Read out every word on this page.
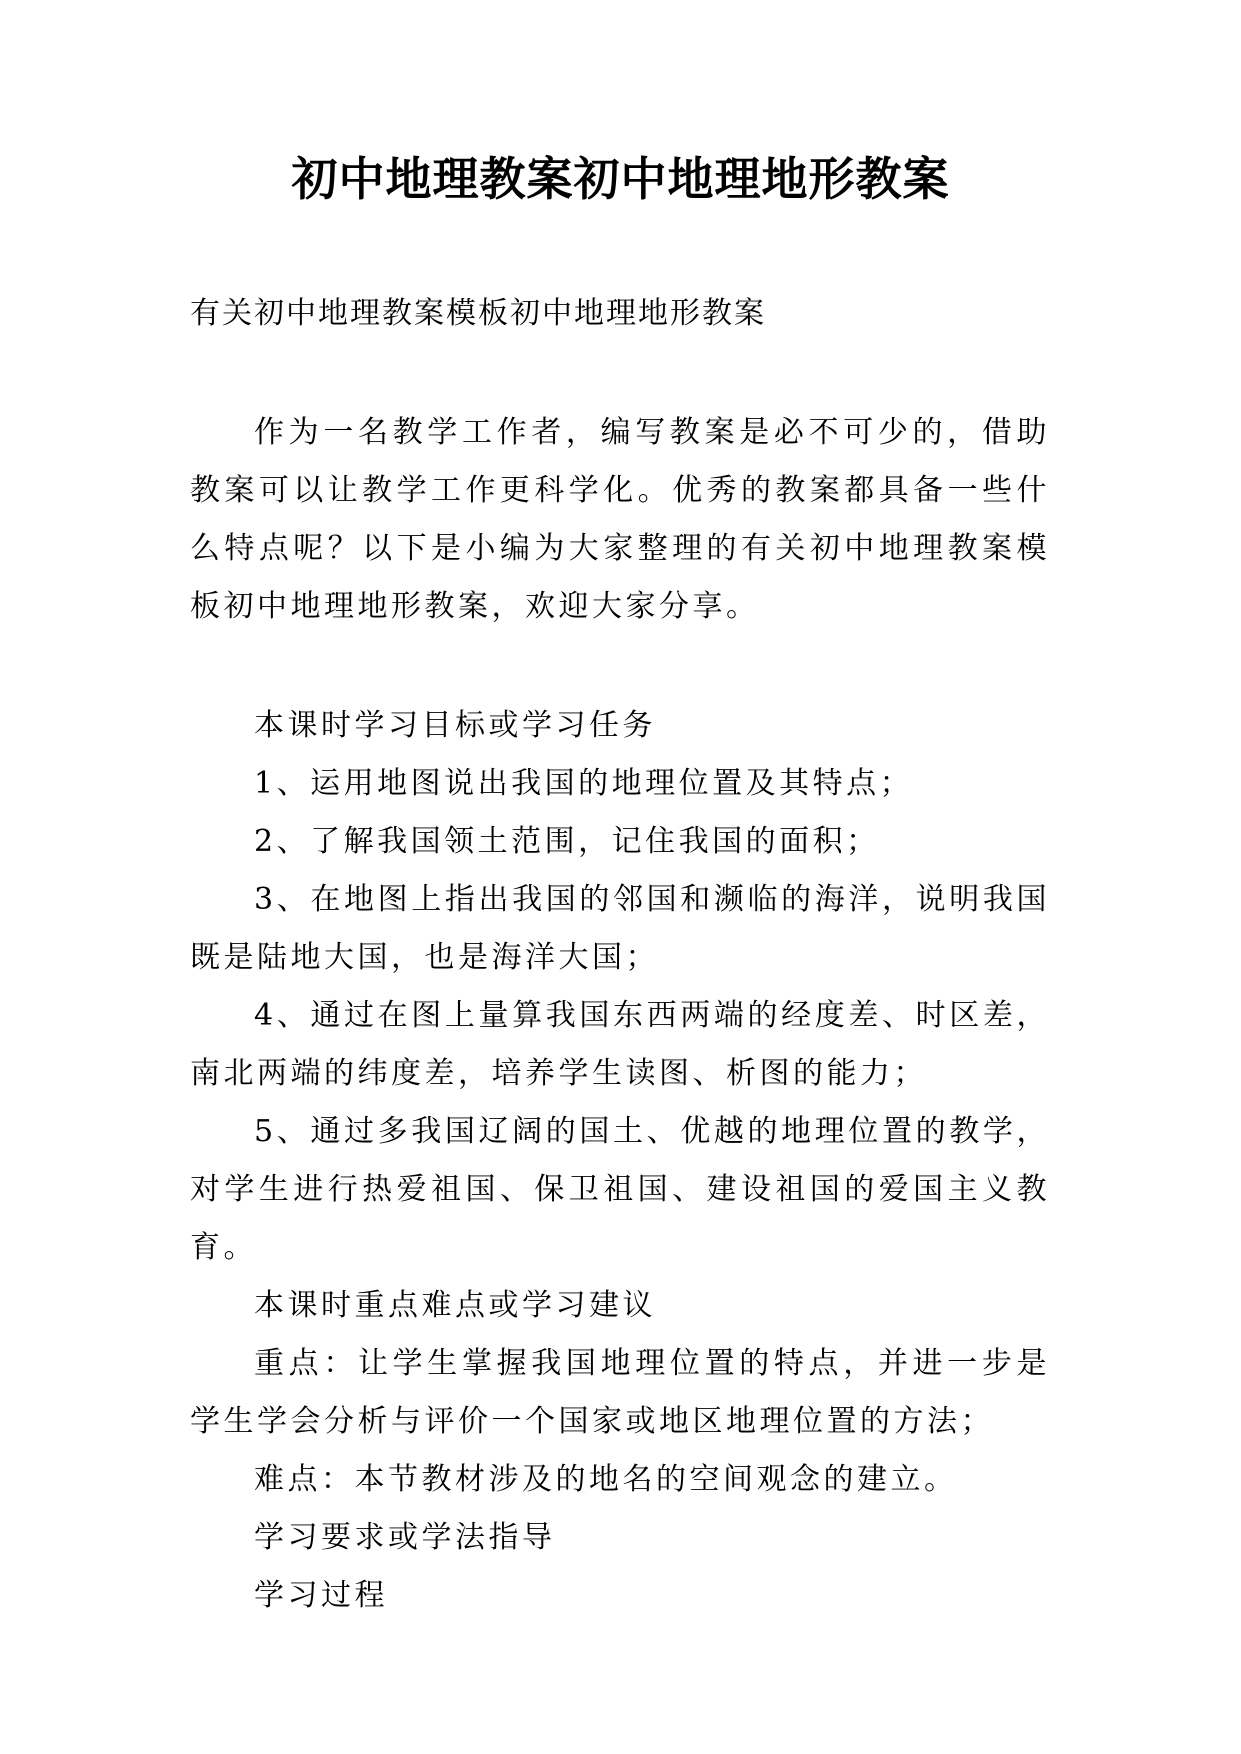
初中地理教案初中地理地形教案
有关初中地理教案模板初中地理地形教案

作为一名教学工作者，编写教案是必不可少的，借助教案可以让教学工作更科学化。优秀的教案都具备一些什么特点呢？以下是小编为大家整理的有关初中地理教案模板初中地理地形教案，欢迎大家分享。

本课时学习目标或学习任务

1、运用地图说出我国的地理位置及其特点；

2、了解我国领土范围，记住我国的面积；

3、在地图上指出我国的邻国和濒临的海洋，说明我国既是陆地大国，也是海洋大国；

4、通过在图上量算我国东西两端的经度差、时区差，南北两端的纬度差，培养学生读图、析图的能力；

5、通过多我国辽阔的国土、优越的地理位置的教学，对学生进行热爱祖国、保卫祖国、建设祖国的爱国主义教育。

本课时重点难点或学习建议

重点：让学生掌握我国地理位置的特点，并进一步是学生学会分析与评价一个国家或地区地理位置的方法；

难点：本节教材涉及的地名的空间观念的建立。

学习要求或学法指导

学习过程
